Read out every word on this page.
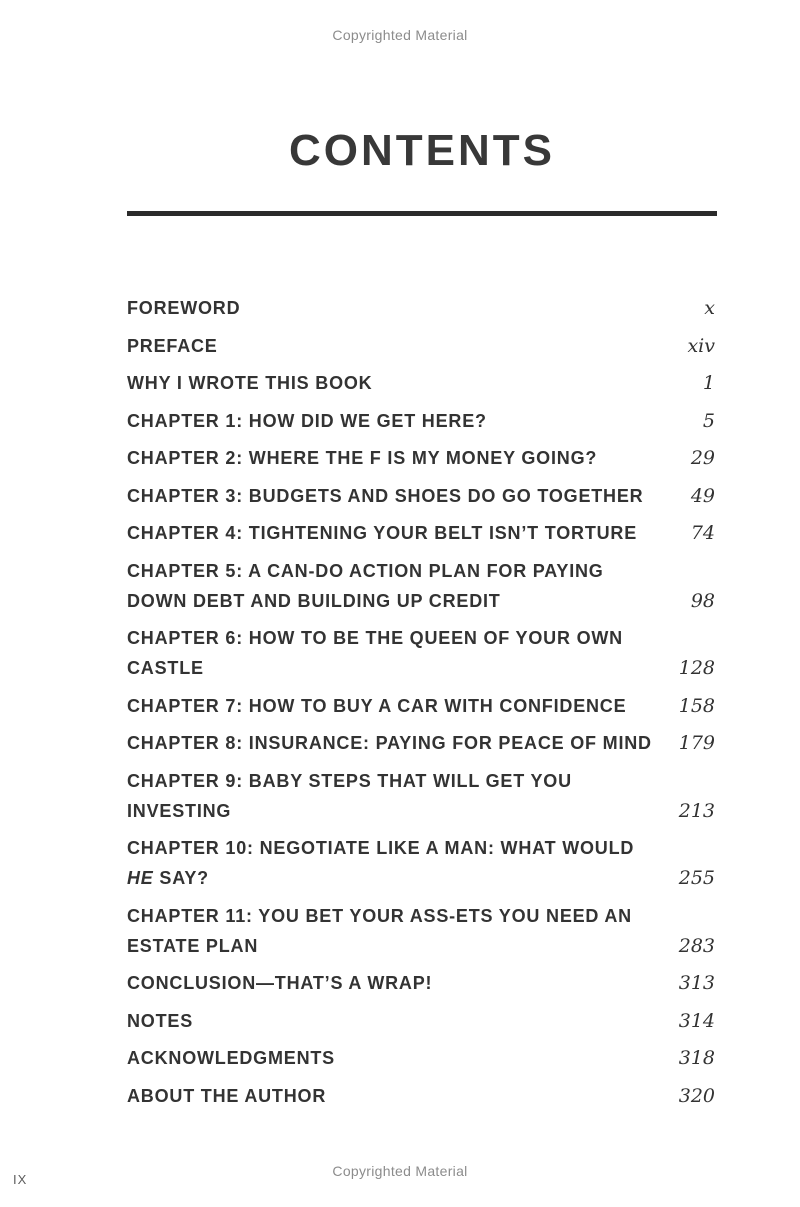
Copyrighted Material
CONTENTS
FOREWORD	x
PREFACE	xiv
WHY I WROTE THIS BOOK	1
CHAPTER 1: HOW DID WE GET HERE?	5
CHAPTER 2: WHERE THE F IS MY MONEY GOING?	29
CHAPTER 3: BUDGETS AND SHOES DO GO TOGETHER	49
CHAPTER 4: TIGHTENING YOUR BELT ISN’T TORTURE	74
CHAPTER 5: A CAN-DO ACTION PLAN FOR PAYING
DOWN DEBT AND BUILDING UP CREDIT	98
CHAPTER 6: HOW TO BE THE QUEEN OF YOUR OWN
CASTLE	128
CHAPTER 7: HOW TO BUY A CAR WITH CONFIDENCE	158
CHAPTER 8: INSURANCE: PAYING FOR PEACE OF MIND	179
CHAPTER 9: BABY STEPS THAT WILL GET YOU INVESTING	213
CHAPTER 10: NEGOTIATE LIKE A MAN: WHAT WOULD
HE SAY?	255
CHAPTER 11: YOU BET YOUR ASS-ETS YOU NEED AN
ESTATE PLAN	283
CONCLUSION—THAT’S A WRAP!	313
NOTES	314
ACKNOWLEDGMENTS	318
ABOUT THE AUTHOR	320
IX
Copyrighted Material
